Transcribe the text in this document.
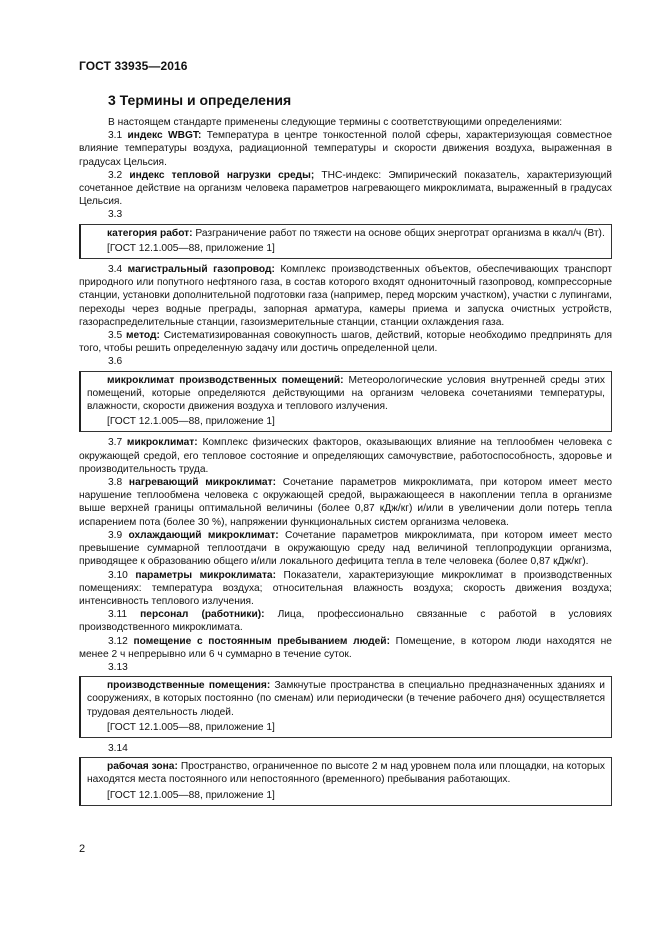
ГОСТ 33935—2016
3 Термины и определения

В настоящем стандарте применены следующие термины с соответствующими определениями:

3.1 индекс WBGT: Температура в центре тонкостенной полой сферы, характеризующая совместное влияние температуры воздуха, радиационной температуры и скорости движения воздуха, выраженная в градусах Цельсия.

3.2 индекс тепловой нагрузки среды; ТНС-индекс: Эмпирический показатель, характеризующий сочетанное действие на организм человека параметров нагревающего микроклимата, выраженный в градусах Цельсия.

3.3

категория работ: Разграничение работ по тяжести на основе общих энерготрат организма в ккал/ч (Вт).

[ГОСТ 12.1.005—88, приложение 1]

3.4 магистральный газопровод: Комплекс производственных объектов, обеспечивающих транспорт природного или попутного нефтяного газа, в состав которого входят однониточный газопровод, компрессорные станции, установки дополнительной подготовки газа (например, перед морским участком), участки с лупингами, переходы через водные преграды, запорная арматура, камеры приема и запуска очистных устройств, газораспределительные станции, газоизмерительные станции, станции охлаждения газа.

3.5 метод: Систематизированная совокупность шагов, действий, которые необходимо предпринять для того, чтобы решить определенную задачу или достичь определенной цели.

3.6

микроклимат производственных помещений: Метеорологические условия внутренней среды этих помещений, которые определяются действующими на организм человека сочетаниями температуры, влажности, скорости движения воздуха и теплового излучения.

[ГОСТ 12.1.005—88, приложение 1]

3.7 микроклимат: Комплекс физических факторов, оказывающих влияние на теплообмен человека с окружающей средой, его тепловое состояние и определяющих самочувствие, работоспособность, здоровье и производительность труда.

3.8 нагревающий микроклимат: Сочетание параметров микроклимата, при котором имеет место нарушение теплообмена человека с окружающей средой, выражающееся в накоплении тепла в организме выше верхней границы оптимальной величины (более 0,87 кДж/кг) и/или в увеличении доли потерь тепла испарением пота (более 30 %), напряжении функциональных систем организма человека.

3.9 охлаждающий микроклимат: Сочетание параметров микроклимата, при котором имеет место превышение суммарной теплоотдачи в окружающую среду над величиной теплопродукции организма, приводящее к образованию общего и/или локального дефицита тепла в теле человека (более 0,87 кДж/кг).

3.10 параметры микроклимата: Показатели, характеризующие микроклимат в производственных помещениях: температура воздуха; относительная влажность воздуха; скорость движения воздуха; интенсивность теплового излучения.

3.11 персонал (работники): Лица, профессионально связанные с работой в условиях производственного микроклимата.

3.12 помещение с постоянным пребыванием людей: Помещение, в котором люди находятся не менее 2 ч непрерывно или 6 ч суммарно в течение суток.

3.13

производственные помещения: Замкнутые пространства в специально предназначенных зданиях и сооружениях, в которых постоянно (по сменам) или периодически (в течение рабочего дня) осуществляется трудовая деятельность людей.

[ГОСТ 12.1.005—88, приложение 1]

3.14

рабочая зона: Пространство, ограниченное по высоте 2 м над уровнем пола или площадки, на которых находятся места постоянного или непостоянного (временного) пребывания работающих.

[ГОСТ 12.1.005—88, приложение 1]
2
